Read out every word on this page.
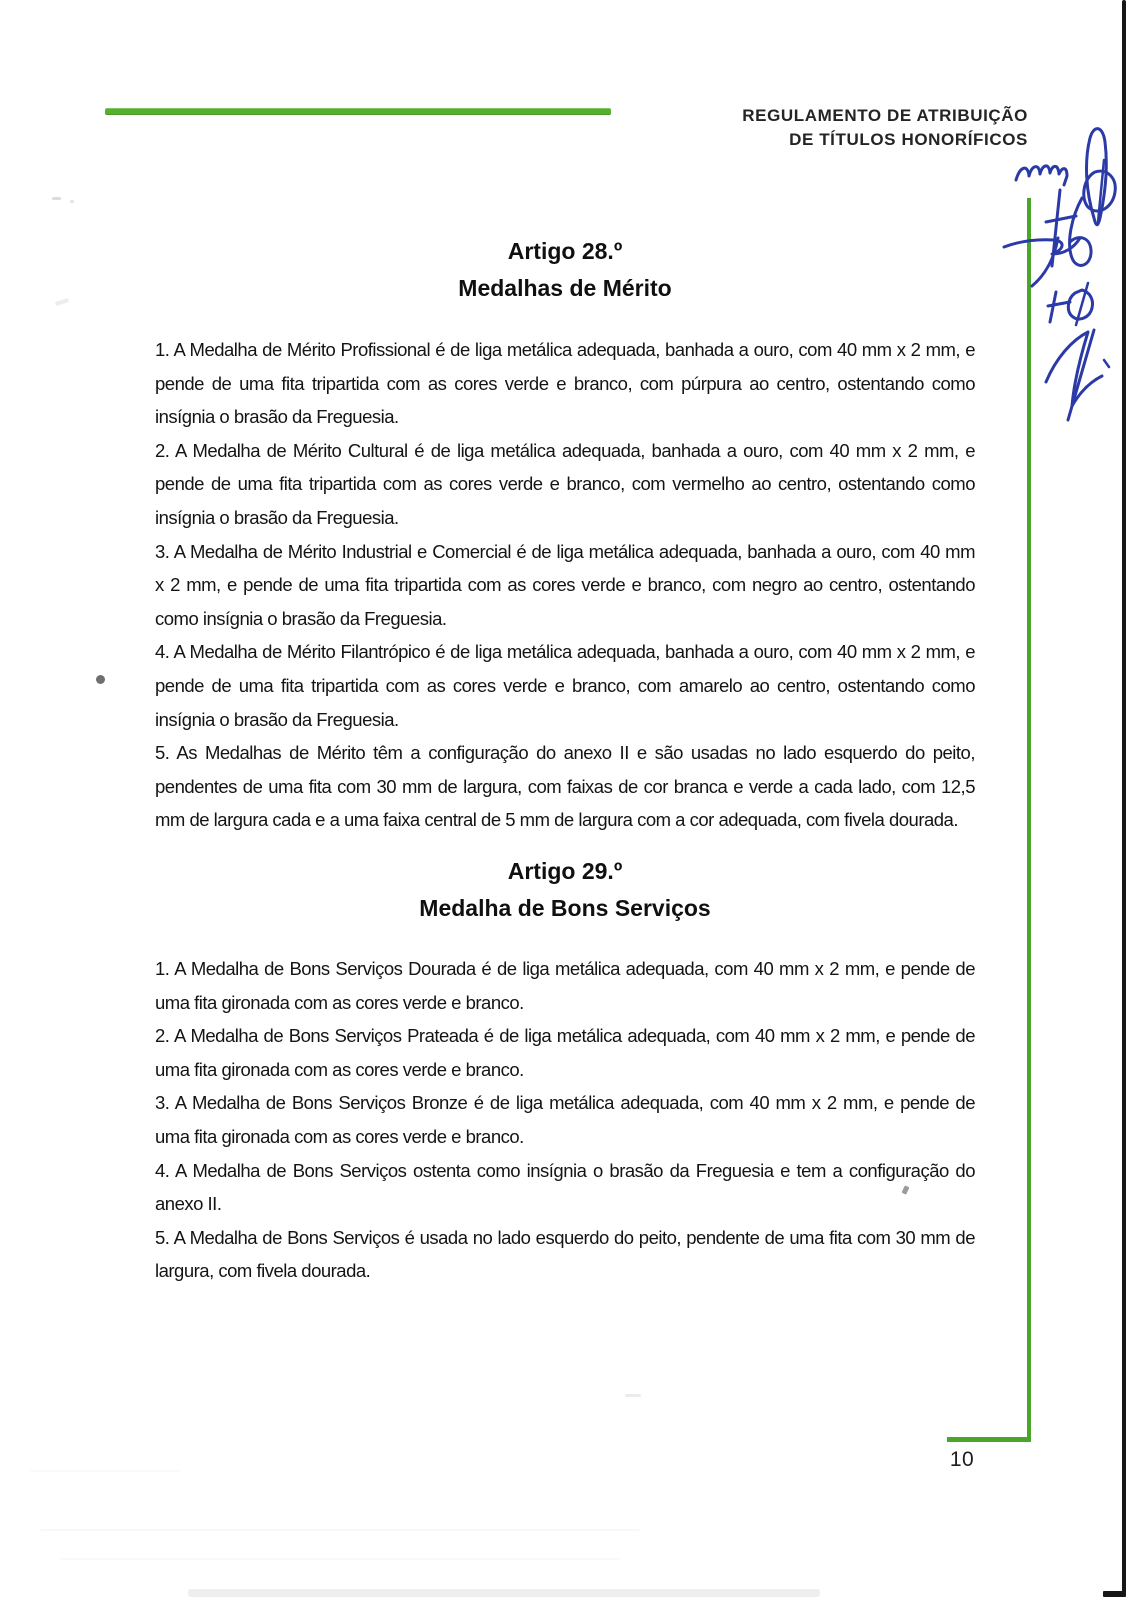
REGULAMENTO DE ATRIBUIÇÃO
DE TÍTULOS HONORÍFICOS
Artigo 28.º
Medalhas de Mérito

1. A Medalha de Mérito Profissional é de liga metálica adequada, banhada a ouro, com 40 mm x 2 mm, e pende de uma fita tripartida com as cores verde e branco, com púrpura ao centro, ostentando como insígnia o brasão da Freguesia.

2. A Medalha de Mérito Cultural é de liga metálica adequada, banhada a ouro, com 40 mm x 2 mm, e pende de uma fita tripartida com as cores verde e branco, com vermelho ao centro, ostentando como insígnia o brasão da Freguesia.

3. A Medalha de Mérito Industrial e Comercial é de liga metálica adequada, banhada a ouro, com 40 mm x 2 mm, e pende de uma fita tripartida com as cores verde e branco, com negro ao centro, ostentando como insígnia o brasão da Freguesia.

4. A Medalha de Mérito Filantrópico é de liga metálica adequada, banhada a ouro, com 40 mm x 2 mm, e pende de uma fita tripartida com as cores verde e branco, com amarelo ao centro, ostentando como insígnia o brasão da Freguesia.

5. As Medalhas de Mérito têm a configuração do anexo II e são usadas no lado esquerdo do peito, pendentes de uma fita com 30 mm de largura, com faixas de cor branca e verde a cada lado, com 12,5 mm de largura cada e a uma faixa central de 5 mm de largura com a cor adequada, com fivela dourada.

Artigo 29.º
Medalha de Bons Serviços

1. A Medalha de Bons Serviços Dourada é de liga metálica adequada, com 40 mm x 2 mm, e pende de uma fita gironada com as cores verde e branco.

2. A Medalha de Bons Serviços Prateada é de liga metálica adequada, com 40 mm x 2 mm, e pende de uma fita gironada com as cores verde e branco.

3. A Medalha de Bons Serviços Bronze é de liga metálica adequada, com 40 mm x 2 mm, e pende de uma fita gironada com as cores verde e branco.

4. A Medalha de Bons Serviços ostenta como insígnia o brasão da Freguesia e tem a configuração do anexo II.

5. A Medalha de Bons Serviços é usada no lado esquerdo do peito, pendente de uma fita com 30 mm de largura, com fivela dourada.

10
